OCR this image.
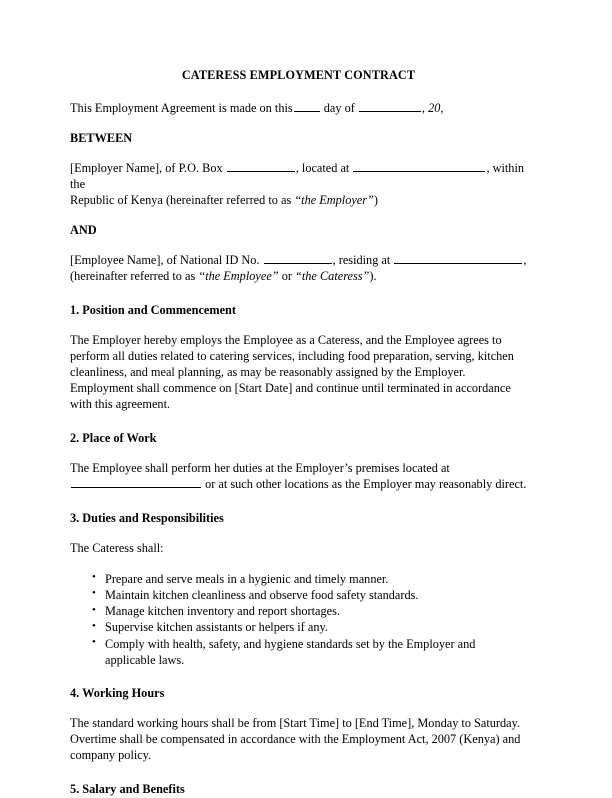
CATERESS EMPLOYMENT CONTRACT

This Employment Agreement is made on this	day of	, 20,

BETWEEN

[Employer Name], of P.O. Box	, located at	, within the
Republic of Kenya (hereinafter referred to as “the Employer”)

AND

[Employee Name], of National ID No.	, residing at	,
(hereinafter referred to as “the Employee” or “the Cateress”).

1. Position and Commencement

The Employer hereby employs the Employee as a Cateress, and the Employee agrees to perform all duties related to catering services, including food preparation, serving, kitchen cleanliness, and meal planning, as may be reasonably assigned by the Employer.

Employment shall commence on [Start Date] and continue until terminated in accordance with this agreement.

2. Place of Work

The Employee shall perform her duties at the Employer’s premises located at
or at such other locations as the Employer may reasonably direct.

3. Duties and Responsibilities

The Cateress shall:

• Prepare and serve meals in a hygienic and timely manner.
• Maintain kitchen cleanliness and observe food safety standards.
• Manage kitchen inventory and report shortages.
• Supervise kitchen assistants or helpers if any.
• Comply with health, safety, and hygiene standards set by the Employer and applicable laws.
4. Working Hours

The standard working hours shall be from [Start Time] to [End Time], Monday to Saturday. Overtime shall be compensated in accordance with the Employment Act, 2007 (Kenya) and company policy.

5. Salary and Benefits
